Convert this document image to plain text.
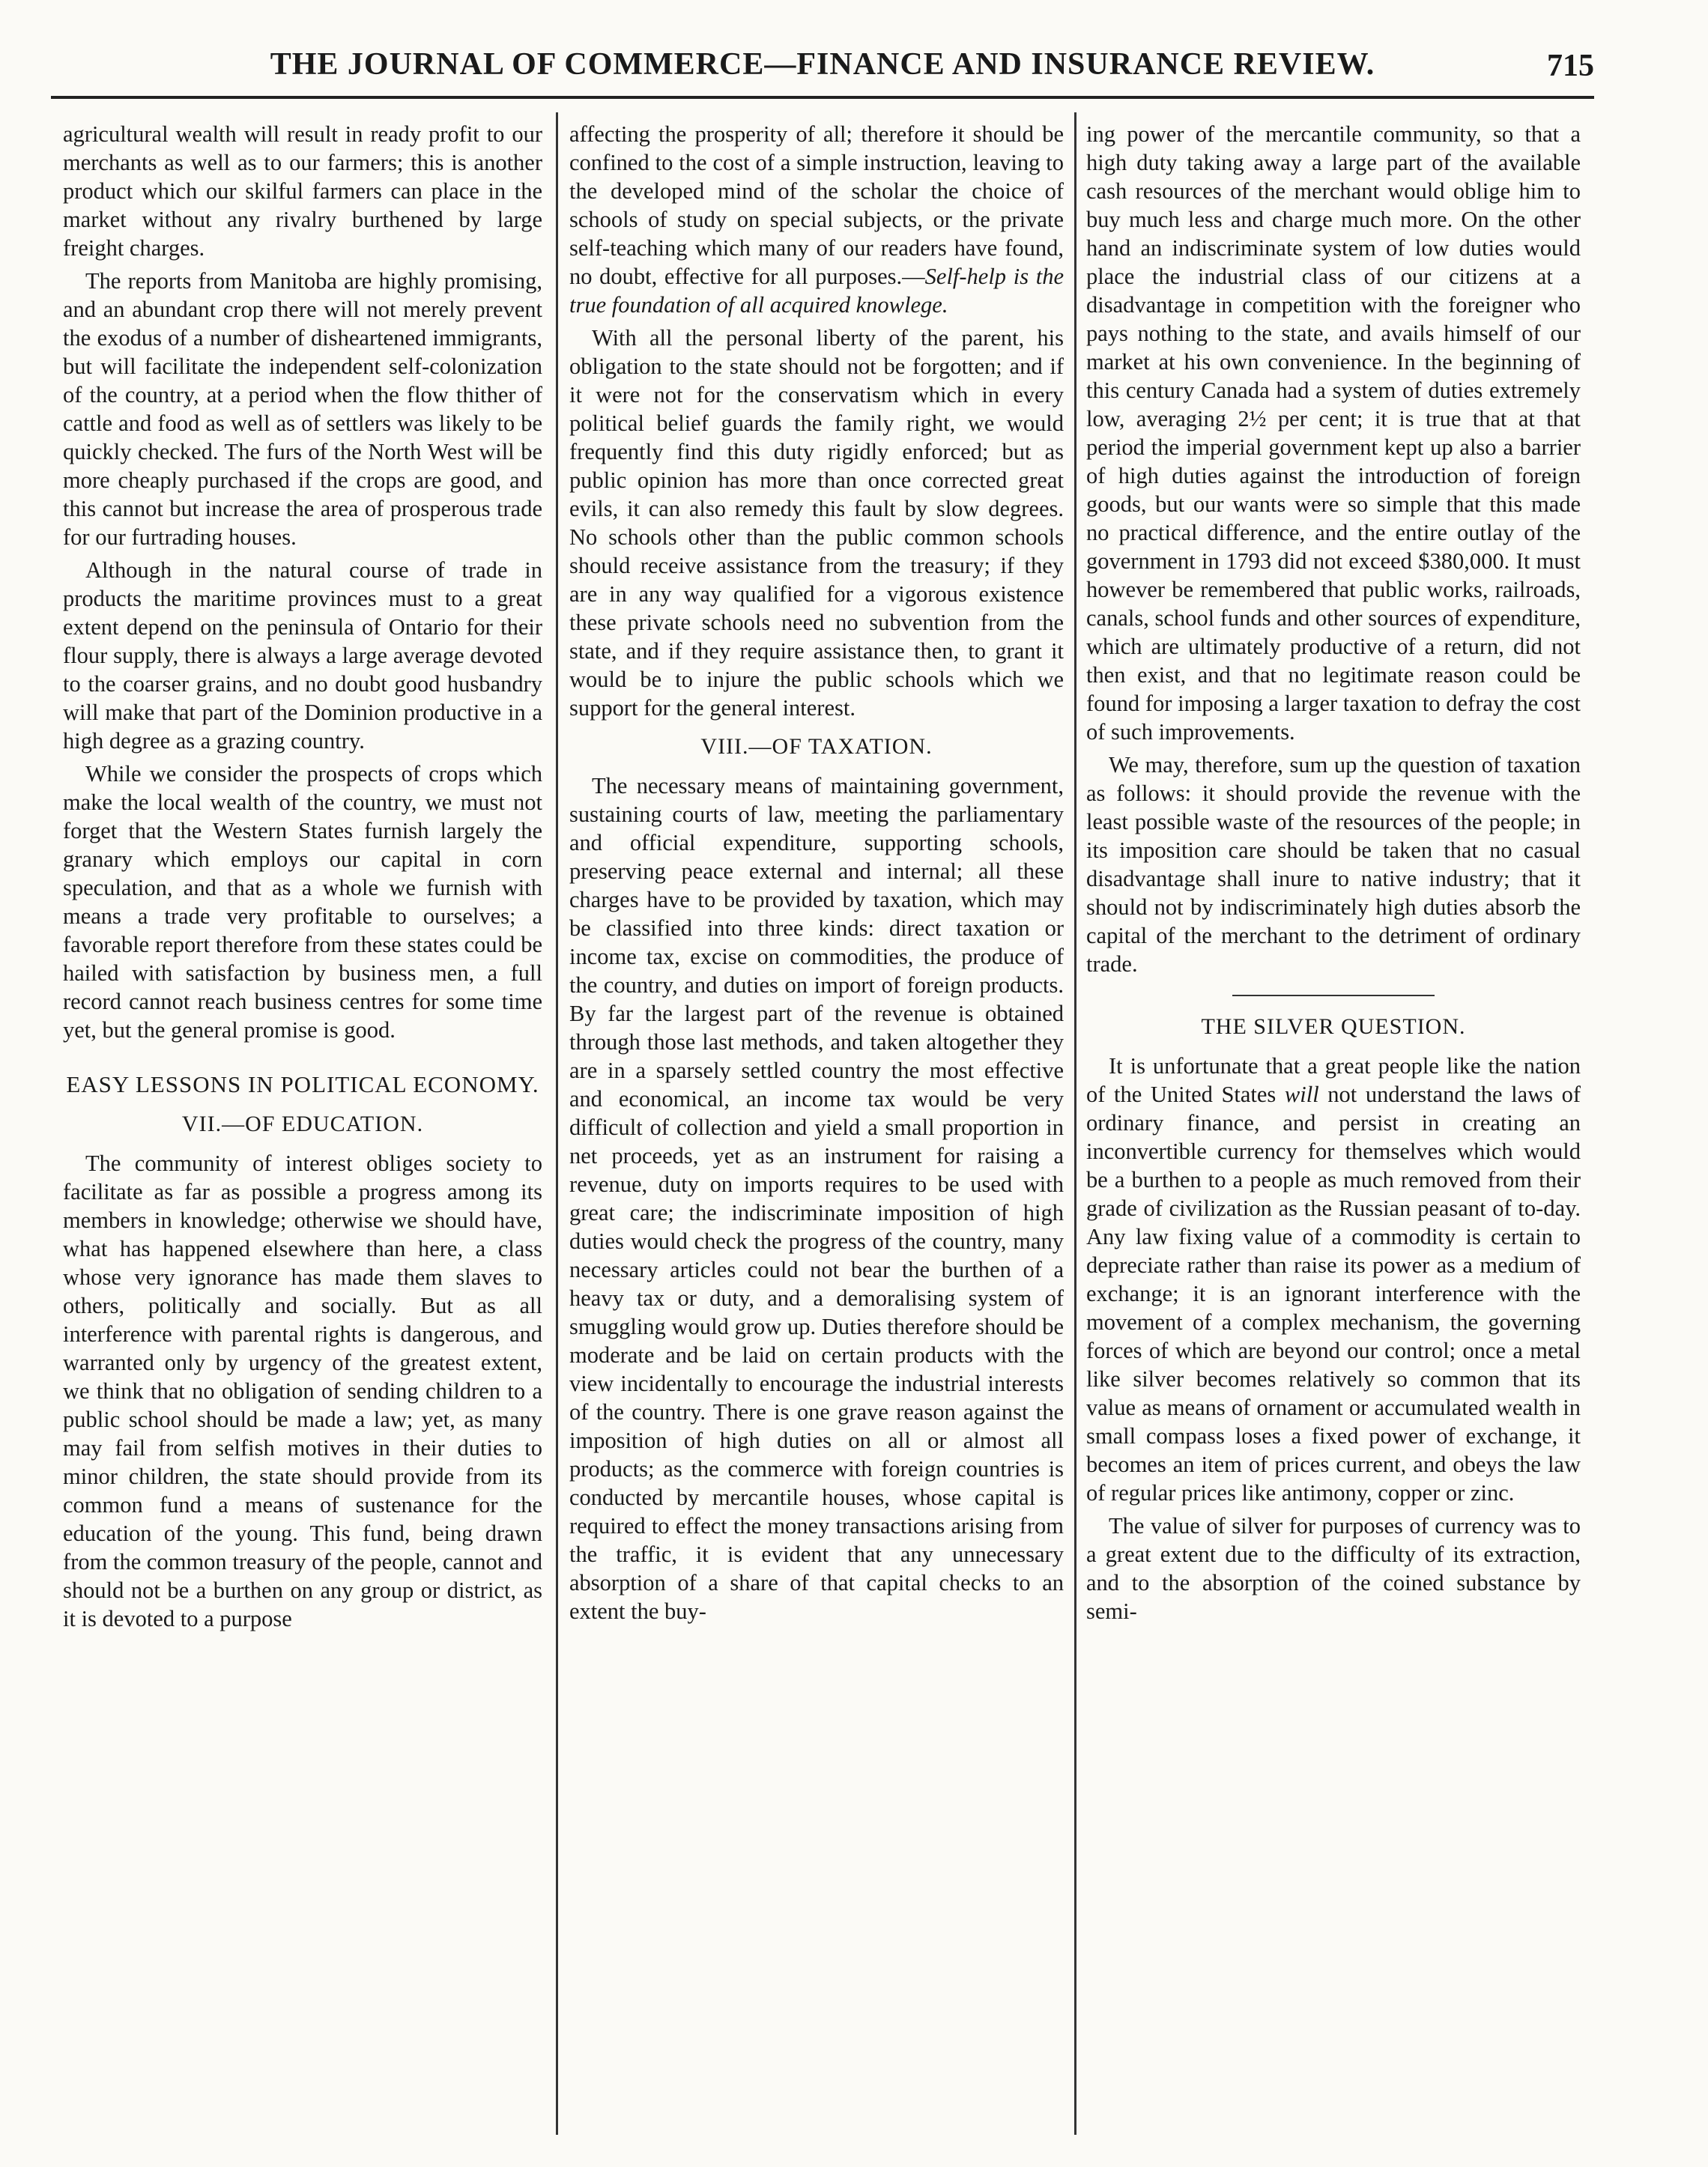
THE JOURNAL OF COMMERCE—FINANCE AND INSURANCE REVIEW.	715

agricultural wealth will result in ready profit to our merchants as well as to our farmers; this is another product which our skilful farmers can place in the market without any rivalry burthened by large freight charges.

The reports from Manitoba are highly promising, and an abundant crop there will not merely prevent the exodus of a number of disheartened immigrants, but will facilitate the independent self-colonization of the country, at a period when the flow thither of cattle and food as well as of settlers was likely to be quickly checked. The furs of the North West will be more cheaply purchased if the crops are good, and this cannot but increase the area of prosperous trade for our furtrading houses.

Although in the natural course of trade in products the maritime provinces must to a great extent depend on the peninsula of Ontario for their flour supply, there is always a large average devoted to the coarser grains, and no doubt good husbandry will make that part of the Dominion productive in a high degree as a grazing country.

While we consider the prospects of crops which make the local wealth of the country, we must not forget that the Western States furnish largely the granary which employs our capital in corn speculation, and that as a whole we furnish with means a trade very profitable to ourselves; a favorable report therefore from these states could be hailed with satisfaction by business men, a full record cannot reach business centres for some time yet, but the general promise is good.

EASY LESSONS IN POLITICAL ECONOMY.
VII.—OF EDUCATION.

The community of interest obliges society to facilitate as far as possible a progress among its members in knowledge; otherwise we should have, what has happened elsewhere than here, a class whose very ignorance has made them slaves to others, politically and socially. But as all interference with parental rights is dangerous, and warranted only by urgency of the greatest extent, we think that no obligation of sending children to a public school should be made a law; yet, as many may fail from selfish motives in their duties to minor children, the state should provide from its common fund a means of sustenance for the education of the young. This fund, being drawn from the common treasury of the people, cannot and should not be a burthen on any group or district, as it is devoted to a purpose

affecting the prosperity of all; therefore it should be confined to the cost of a simple instruction, leaving to the developed mind of the scholar the choice of schools of study on special subjects, or the private self-teaching which many of our readers have found, no doubt, effective for all purposes.—Self-help is the true foundation of all acquired knowlege.

With all the personal liberty of the parent, his obligation to the state should not be forgotten; and if it were not for the conservatism which in every political belief guards the family right, we would frequently find this duty rigidly enforced; but as public opinion has more than once corrected great evils, it can also remedy this fault by slow degrees. No schools other than the public common schools should receive assistance from the treasury; if they are in any way qualified for a vigorous existence these private schools need no subvention from the state, and if they require assistance then, to grant it would be to injure the public schools which we support for the general interest.

VIII.—OF TAXATION.

The necessary means of maintaining government, sustaining courts of law, meeting the parliamentary and official expenditure, supporting schools, preserving peace external and internal; all these charges have to be provided by taxation, which may be classified into three kinds: direct taxation or income tax, excise on commodities, the produce of the country, and duties on import of foreign products. By far the largest part of the revenue is obtained through those last methods, and taken altogether they are in a sparsely settled country the most effective and economical, an income tax would be very difficult of collection and yield a small proportion in net proceeds, yet as an instrument for raising a revenue, duty on imports requires to be used with great care; the indiscriminate imposition of high duties would check the progress of the country, many necessary articles could not bear the burthen of a heavy tax or duty, and a demoralising system of smuggling would grow up. Duties therefore should be moderate and be laid on certain products with the view incidentally to encourage the industrial interests of the country. There is one grave reason against the imposition of high duties on all or almost all products; as the commerce with foreign countries is conducted by mercantile houses, whose capital is required to effect the money transactions arising from the traffic, it is evident that any unnecessary absorption of a share of that capital checks to an extent the buy-

ing power of the mercantile community, so that a high duty taking away a large part of the available cash resources of the merchant would oblige him to buy much less and charge much more. On the other hand an indiscriminate system of low duties would place the industrial class of our citizens at a disadvantage in competition with the foreigner who pays nothing to the state, and avails himself of our market at his own convenience. In the beginning of this century Canada had a system of duties extremely low, averaging 2½ per cent; it is true that at that period the imperial government kept up also a barrier of high duties against the introduction of foreign goods, but our wants were so simple that this made no practical difference, and the entire outlay of the government in 1793 did not exceed $380,000. It must however be remembered that public works, railroads, canals, school funds and other sources of expenditure, which are ultimately productive of a return, did not then exist, and that no legitimate reason could be found for imposing a larger taxation to defray the cost of such improvements.

We may, therefore, sum up the question of taxation as follows: it should provide the revenue with the least possible waste of the resources of the people; in its imposition care should be taken that no casual disadvantage shall inure to native industry; that it should not by indiscriminately high duties absorb the capital of the merchant to the detriment of ordinary trade.

THE SILVER QUESTION.

It is unfortunate that a great people like the nation of the United States will not understand the laws of ordinary finance, and persist in creating an inconvertible currency for themselves which would be a burthen to a people as much removed from their grade of civilization as the Russian peasant of to-day. Any law fixing value of a commodity is certain to depreciate rather than raise its power as a medium of exchange; it is an ignorant interference with the movement of a complex mechanism, the governing forces of which are beyond our control; once a metal like silver becomes relatively so common that its value as means of ornament or accumulated wealth in small compass loses a fixed power of exchange, it becomes an item of prices current, and obeys the law of regular prices like antimony, copper or zinc.

The value of silver for purposes of currency was to a great extent due to the difficulty of its extraction, and to the absorption of the coined substance by semi-
